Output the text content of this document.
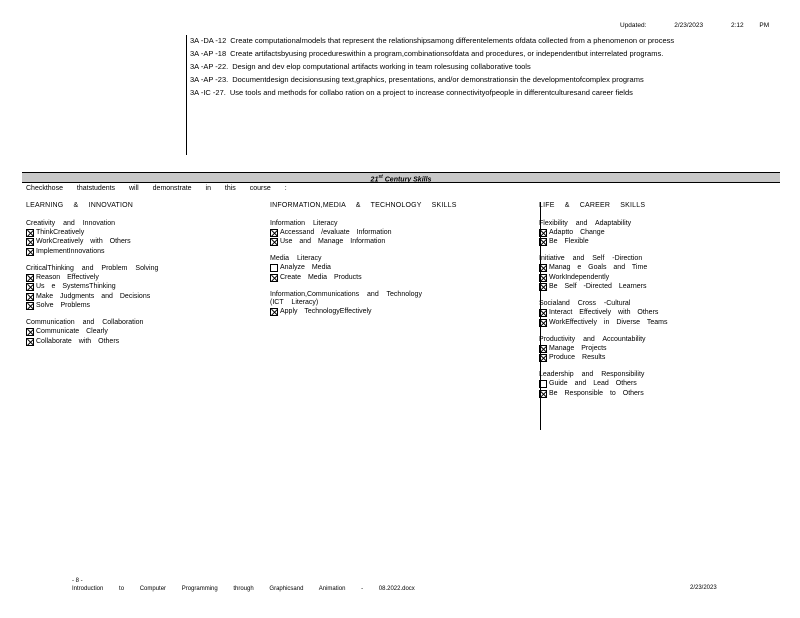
Updated:	2/23/2023	2:12 PM
3A -DA -12 Create computationalmodels that represent the relationshipsamong differentelements ofdata collected from a phenomenon or process
3A -AP -18 Create artifactsbyusing procedureswithin a program,combinationsofdata and procedures, or independentbut interrelated programs.
3A -AP -22. Design and dev elop computational artifacts working in team rolesusing collaborative tools
3A -AP -23. Documentdesign decisionsusing text,graphics, presentations, and/or demonstrationsin the developmentofcomplex programs
3A -IC -27. Use tools and methods for collabo ration on a project to increase connectivityofpeople in differentculturesand career fields
21st Century Skills
Checkthose thatstudents will demonstrate in this course :
LEARNING & INNOVATION
Creativity and Innovation
ThinkCreatively
WorkCreatively with Others
ImplementInnovations
CriticalThinking and Problem Solving
Reason Effectively
Us e SystemsThinking
Make Judgments and Decisions
Solve Problems
Communication and Collaboration
Communicate Clearly
Collaborate with Others
INFORMATION,MEDIA & TECHNOLOGY SKILLS
Information Literacy
Accessand /evaluate Information
Use and Manage Information
Media Literacy
Analyze Media
Create Media Products
Information,Communications and Technology
(ICT Literacy)
Apply TechnologyEffectively
LIFE & CAREER SKILLS
Flexibility and Adaptability
Adaptto Change
Be Flexible
Initiative and Self -Direction
Manag e Goals and Time
WorkIndependently
Be Self -Directed Learners
Socialand Cross -Cultural
Interact Effectively with Others
WorkEffectively in Diverse Teams
Productivity and Accountability
Manage Projects
Produce Results
Leadership and Responsibility
Guide and Lead Others
Be Responsible to Others
- 8 -
Introduction to Computer Programming through Graphicsand Animation - 08.2022.docx	2/23/2023
